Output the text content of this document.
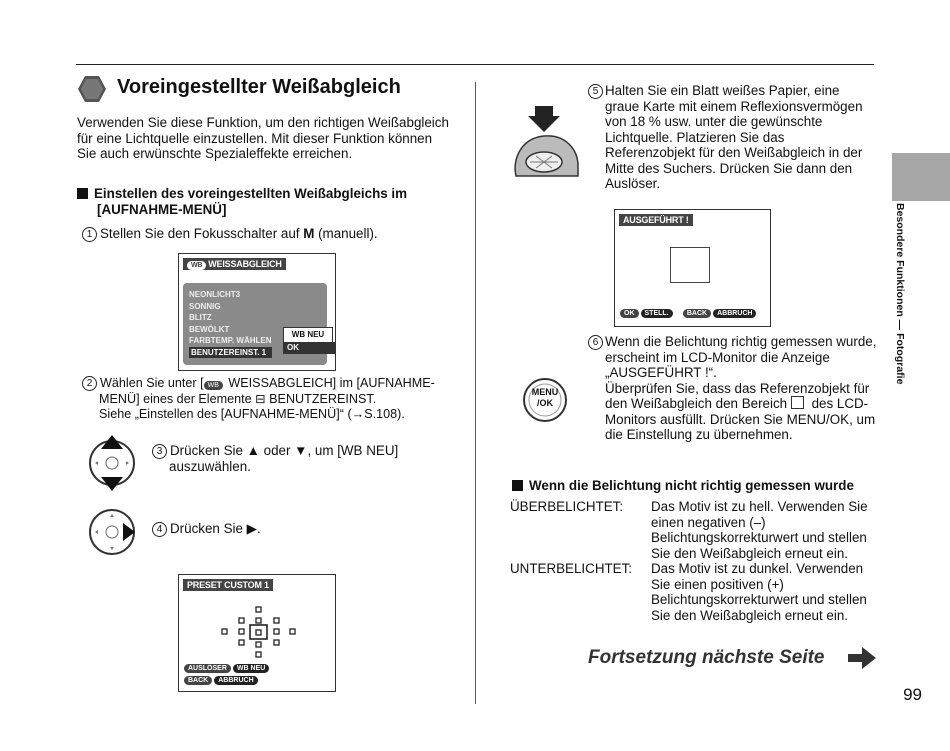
Besondere Funktionen — Fotografie
Voreingestellter Weißabgleich
Verwenden Sie diese Funktion, um den richtigen Weißabgleich für eine Lichtquelle einzustellen. Mit dieser Funktion können Sie auch erwünschte Spezialeffekte erreichen.
Einstellen des voreingestellten Weißabgleichs im
[AUFNAHME-MENÜ]
1 Stellen Sie den Fokusschalter auf M (manuell).
WB WEISSABGLEICH
NEONLICHT3
SONNIG
BLITZ
BEWÖLKT
FARBTEMP. WÄHLEN
BENUTZEREINST. 1
WB NEU
OK
2 Wählen Sie unter [ WB WEISSABGLEICH] im [AUFNAHME-
MENÜ] eines der Elemente ⊟ BENUTZEREINST.
Siehe „Einstellen des [AUFNAHME-MENÜ]“ (→S.108).
3 Drücken Sie ▲ oder ▼, um [WB NEU]
auszuwählen.
4 Drücken Sie ▶.
PRESET CUSTOM 1
AUSLÖSER WB NEU
BACK ABBRUCH
5 Halten Sie ein Blatt weißes Papier, eine graue Karte mit einem Reflexionsvermögen von 18 % usw. unter die gewünschte Lichtquelle. Platzieren Sie das Referenzobjekt für den Weißabgleich in der Mitte des Suchers. Drücken Sie dann den Auslöser.
AUSGEFÜHRT !
OK STELL.	BACK ABBRUCH
MENU
/OK
6 Wenn die Belichtung richtig gemessen wurde, erscheint im LCD-Monitor die Anzeige „AUSGEFÜHRT !“.
Überprüfen Sie, dass das Referenzobjekt für den Weißabgleich den Bereich  des LCD-Monitors ausfüllt. Drücken Sie MENU/OK, um die Einstellung zu übernehmen.
Wenn die Belichtung nicht richtig gemessen wurde
ÜBERBELICHTET:	Das Motiv ist zu hell. Verwenden Sie einen negativen (–) Belichtungskorrekturwert und stellen Sie den Weißabgleich erneut ein.
UNTERBELICHTET:	Das Motiv ist zu dunkel. Verwenden Sie einen positiven (+) Belichtungskorrekturwert und stellen Sie den Weißabgleich erneut ein.
Fortsetzung nächste Seite
99
